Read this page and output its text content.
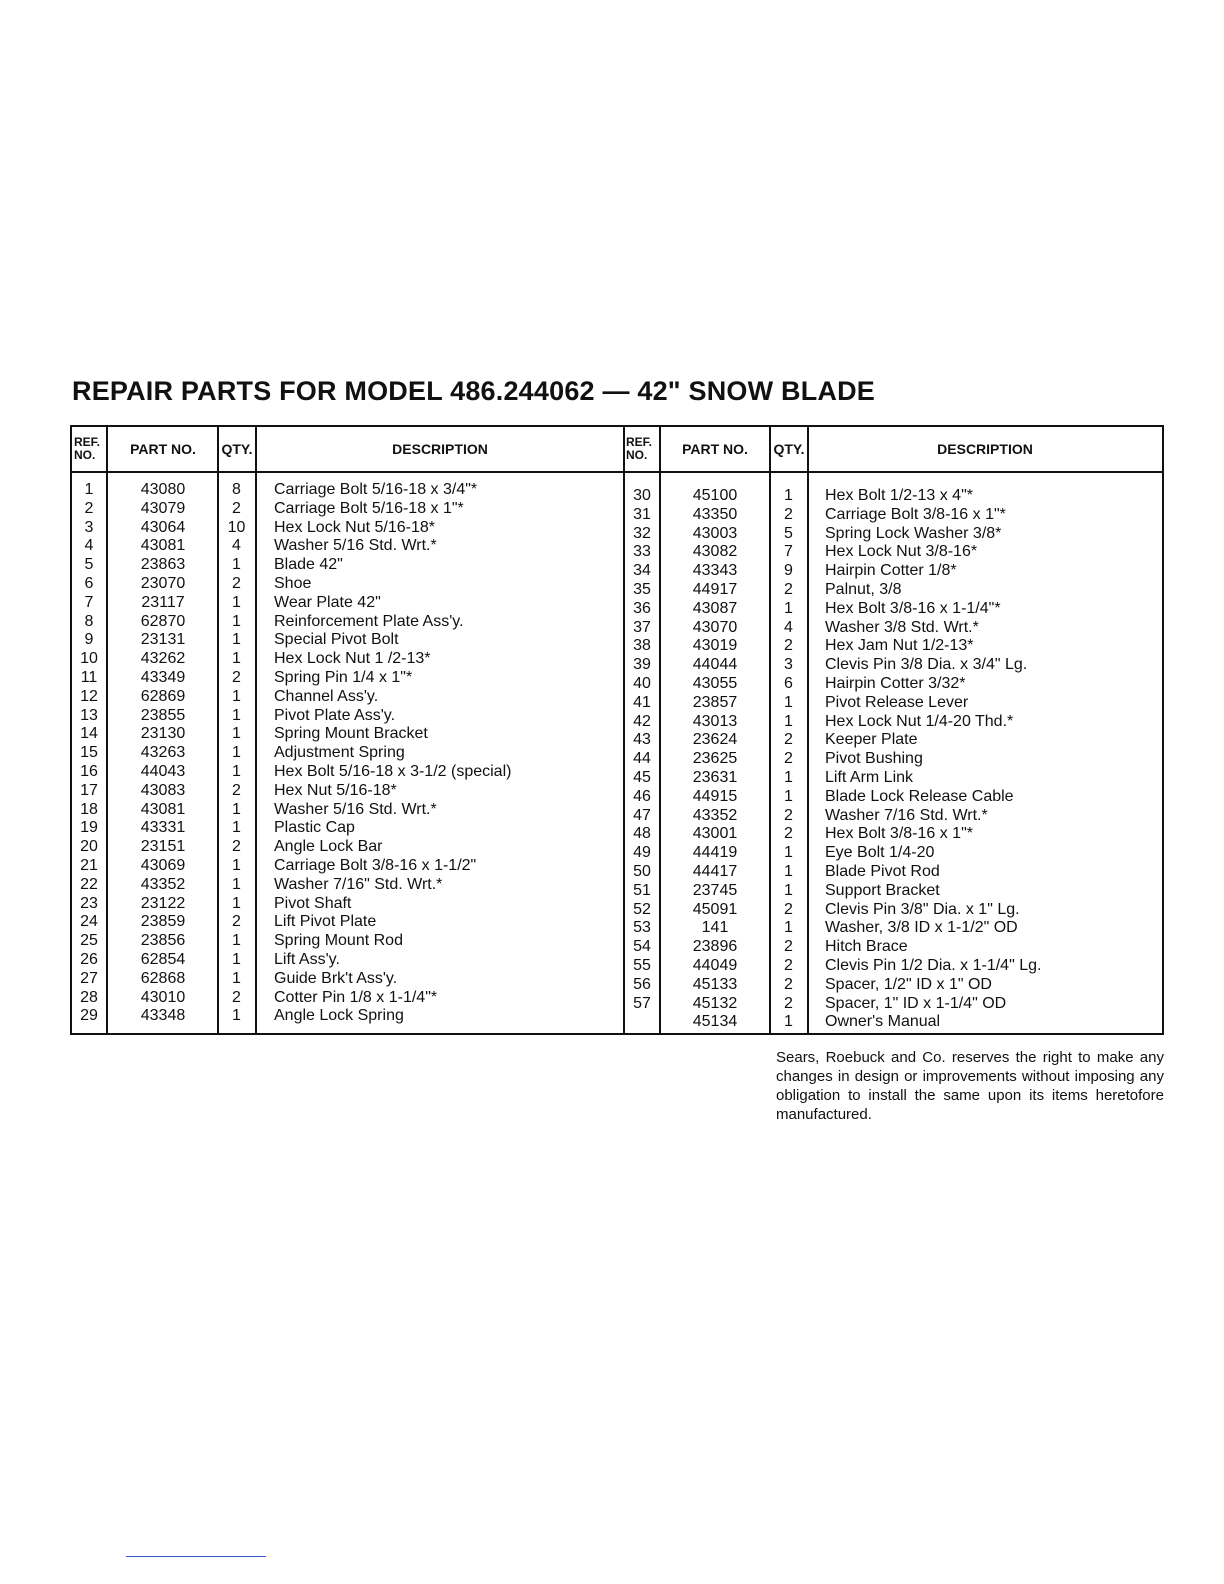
REPAIR PARTS FOR MODEL 486.244062 — 42" SNOW BLADE
REF.
NO.	PART NO.	QTY.	DESCRIPTION	REF.
NO.	PART NO.	QTY.	DESCRIPTION
1	43080	8	Carriage Bolt 5/16-18 x 3/4"*
2	43079	2	Carriage Bolt 5/16-18 x 1"*
3	43064	10	Hex Lock Nut 5/16-18*
4	43081	4	Washer 5/16 Std. Wrt.*
5	23863	1	Blade 42"
6	23070	2	Shoe
7	23117	1	Wear Plate 42"
8	62870	1	Reinforcement Plate Ass'y.
9	23131	1	Special Pivot Bolt
10	43262	1	Hex Lock Nut 1 /2-13*
11	43349	2	Spring Pin 1/4 x 1"*
12	62869	1	Channel Ass'y.
13	23855	1	Pivot Plate Ass'y.
14	23130	1	Spring Mount Bracket
15	43263	1	Adjustment Spring
16	44043	1	Hex Bolt 5/16-18 x 3-1/2 (special)
17	43083	2	Hex Nut 5/16-18*
18	43081	1	Washer 5/16 Std. Wrt.*
19	43331	1	Plastic Cap
20	23151	2	Angle Lock Bar
21	43069	1	Carriage Bolt 3/8-16 x 1-1/2"
22	43352	1	Washer 7/16" Std. Wrt.*
23	23122	1	Pivot Shaft
24	23859	2	Lift Pivot Plate
25	23856	1	Spring Mount Rod
26	62854	1	Lift Ass'y.
27	62868	1	Guide Brk't Ass'y.
28	43010	2	Cotter Pin 1/8 x 1-1/4"*
29	43348	1	Angle Lock Spring
30	45100	1	Hex Bolt 1/2-13 x 4"*
31	43350	2	Carriage Bolt 3/8-16 x 1"*
32	43003	5	Spring Lock Washer 3/8*
33	43082	7	Hex Lock Nut 3/8-16*
34	43343	9	Hairpin Cotter 1/8*
35	44917	2	Palnut, 3/8
36	43087	1	Hex Bolt 3/8-16 x 1-1/4"*
37	43070	4	Washer 3/8 Std. Wrt.*
38	43019	2	Hex Jam Nut 1/2-13*
39	44044	3	Clevis Pin 3/8 Dia. x 3/4" Lg.
40	43055	6	Hairpin Cotter 3/32*
41	23857	1	Pivot Release Lever
42	43013	1	Hex Lock Nut 1/4-20 Thd.*
43	23624	2	Keeper Plate
44	23625	2	Pivot Bushing
45	23631	1	Lift Arm Link
46	44915	1	Blade Lock Release Cable
47	43352	2	Washer 7/16 Std. Wrt.*
48	43001	2	Hex Bolt 3/8-16 x 1"*
49	44419	1	Eye Bolt 1/4-20
50	44417	1	Blade Pivot Rod
51	23745	1	Support Bracket
52	45091	2	Clevis Pin 3/8" Dia. x 1" Lg.
53	141	1	Washer, 3/8 ID x 1-1/2" OD
54	23896	2	Hitch Brace
55	44049	2	Clevis Pin 1/2 Dia. x 1-1/4" Lg.
56	45133	2	Spacer, 1/2" ID x 1" OD
57	45132	2	Spacer, 1" ID x 1-1/4" OD
45134	1	Owner's Manual
Sears, Roebuck and Co. reserves the right to make any changes in design or improvements without imposing any obligation to install the same upon its items heretofore manufactured.
